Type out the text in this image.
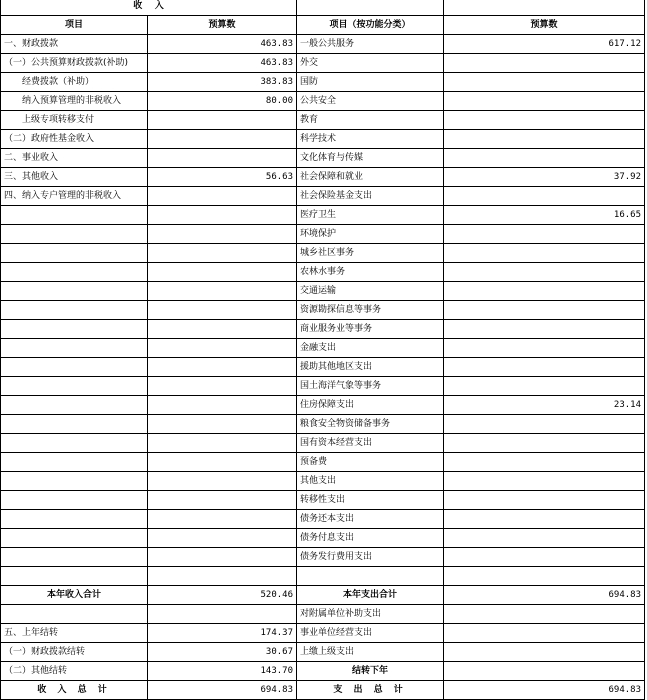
收    入			
项目	预算数	项目（按功能分类）	预算数
一、财政拨款	463.83	一般公共服务	617.12
（一）公共预算财政拨款(补助)	463.83	外交	
　　经费拨款（补助）	383.83	国防	
　　纳入预算管理的非税收入	80.00	公共安全	
　　上级专项转移支付		教育	
（二）政府性基金收入		科学技术	
二、事业收入		文化体育与传媒	
三、其他收入	56.63	社会保障和就业	37.92
四、纳入专户管理的非税收入		社会保险基金支出	
		医疗卫生	16.65
		环境保护	
		城乡社区事务	
		农林水事务	
		交通运输	
		资源勘探信息等事务	
		商业服务业等事务	
		金融支出	
		援助其他地区支出	
		国土海洋气象等事务	
		住房保障支出	23.14
		粮食安全物资储备事务	
		国有资本经营支出	
		预备费	
		其他支出	
		转移性支出	
		债务还本支出	
		债务付息支出	
		债务发行费用支出	

本年收入合计	520.46	本年支出合计	694.83
		对附属单位补助支出	
五、上年结转	174.37	事业单位经营支出	
（一）财政拨款结转	30.67	上缴上级支出	
（二）其他结转	143.70	结转下年	
收 入 总 计	694.83	支 出 总 计	694.83
